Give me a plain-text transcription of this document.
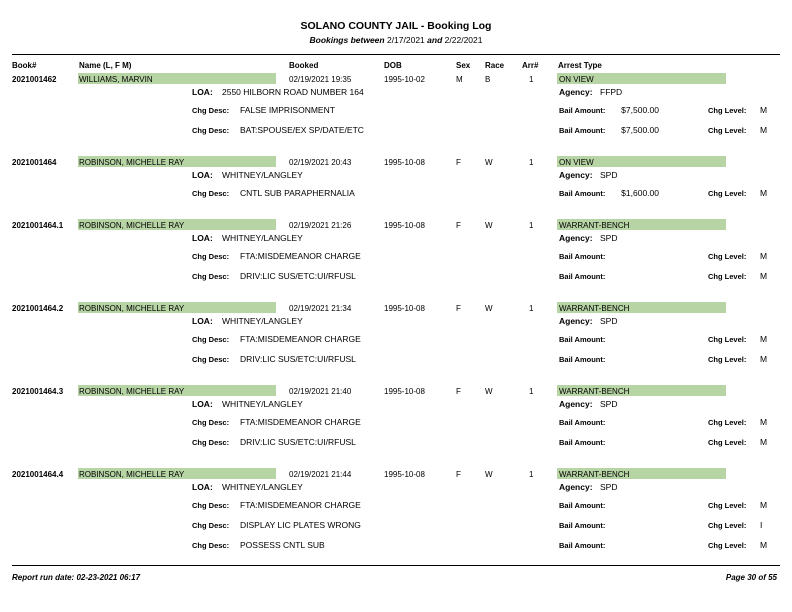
SOLANO COUNTY JAIL - Booking Log
Bookings between 2/17/2021 and 2/22/2021
Book#	Name (L, F M)	Booked	DOB	Sex Race Arr# Arrest Type
2021001462	WILLIAMS, MARVIN	02/19/2021 19:35	1995-10-02	M	B	1	ON VIEW
LOA: 2550 HILBORN ROAD NUMBER 164	Agency: FFPD
Chg Desc: FALSE IMPRISONMENT	Bail Amount: $7,500.00	Chg Level: M
Chg Desc: BAT:SPOUSE/EX SP/DATE/ETC	Bail Amount: $7,500.00	Chg Level: M
2021001464	ROBINSON, MICHELLE RAY	02/19/2021 20:43	1995-10-08	F	W	1	ON VIEW
LOA: WHITNEY/LANGLEY	Agency: SPD
Chg Desc: CNTL SUB PARAPHERNALIA	Bail Amount: $1,600.00	Chg Level: M
2021001464.1 ROBINSON, MICHELLE RAY	02/19/2021 21:26	1995-10-08	F	W	1	WARRANT-BENCH
LOA: WHITNEY/LANGLEY	Agency: SPD
Chg Desc: FTA:MISDEMEANOR CHARGE	Bail Amount:	Chg Level: M
Chg Desc: DRIV:LIC SUS/ETC:UI/RFUSL	Bail Amount:	Chg Level: M
2021001464.2 ROBINSON, MICHELLE RAY	02/19/2021 21:34	1995-10-08	F	W	1	WARRANT-BENCH
LOA: WHITNEY/LANGLEY	Agency: SPD
Chg Desc: FTA:MISDEMEANOR CHARGE	Bail Amount:	Chg Level: M
Chg Desc: DRIV:LIC SUS/ETC:UI/RFUSL	Bail Amount:	Chg Level: M
2021001464.3 ROBINSON, MICHELLE RAY	02/19/2021 21:40	1995-10-08	F	W	1	WARRANT-BENCH
LOA: WHITNEY/LANGLEY	Agency: SPD
Chg Desc: FTA:MISDEMEANOR CHARGE	Bail Amount:	Chg Level: M
Chg Desc: DRIV:LIC SUS/ETC:UI/RFUSL	Bail Amount:	Chg Level: M
2021001464.4 ROBINSON, MICHELLE RAY	02/19/2021 21:44	1995-10-08	F	W	1	WARRANT-BENCH
LOA: WHITNEY/LANGLEY	Agency: SPD
Chg Desc: FTA:MISDEMEANOR CHARGE	Bail Amount:	Chg Level: M
Chg Desc: DISPLAY LIC PLATES WRONG	Bail Amount:	Chg Level: I
Chg Desc: POSSESS CNTL SUB	Bail Amount:	Chg Level: M
Report run date: 02-23-2021 06:17	Page 30 of 55
